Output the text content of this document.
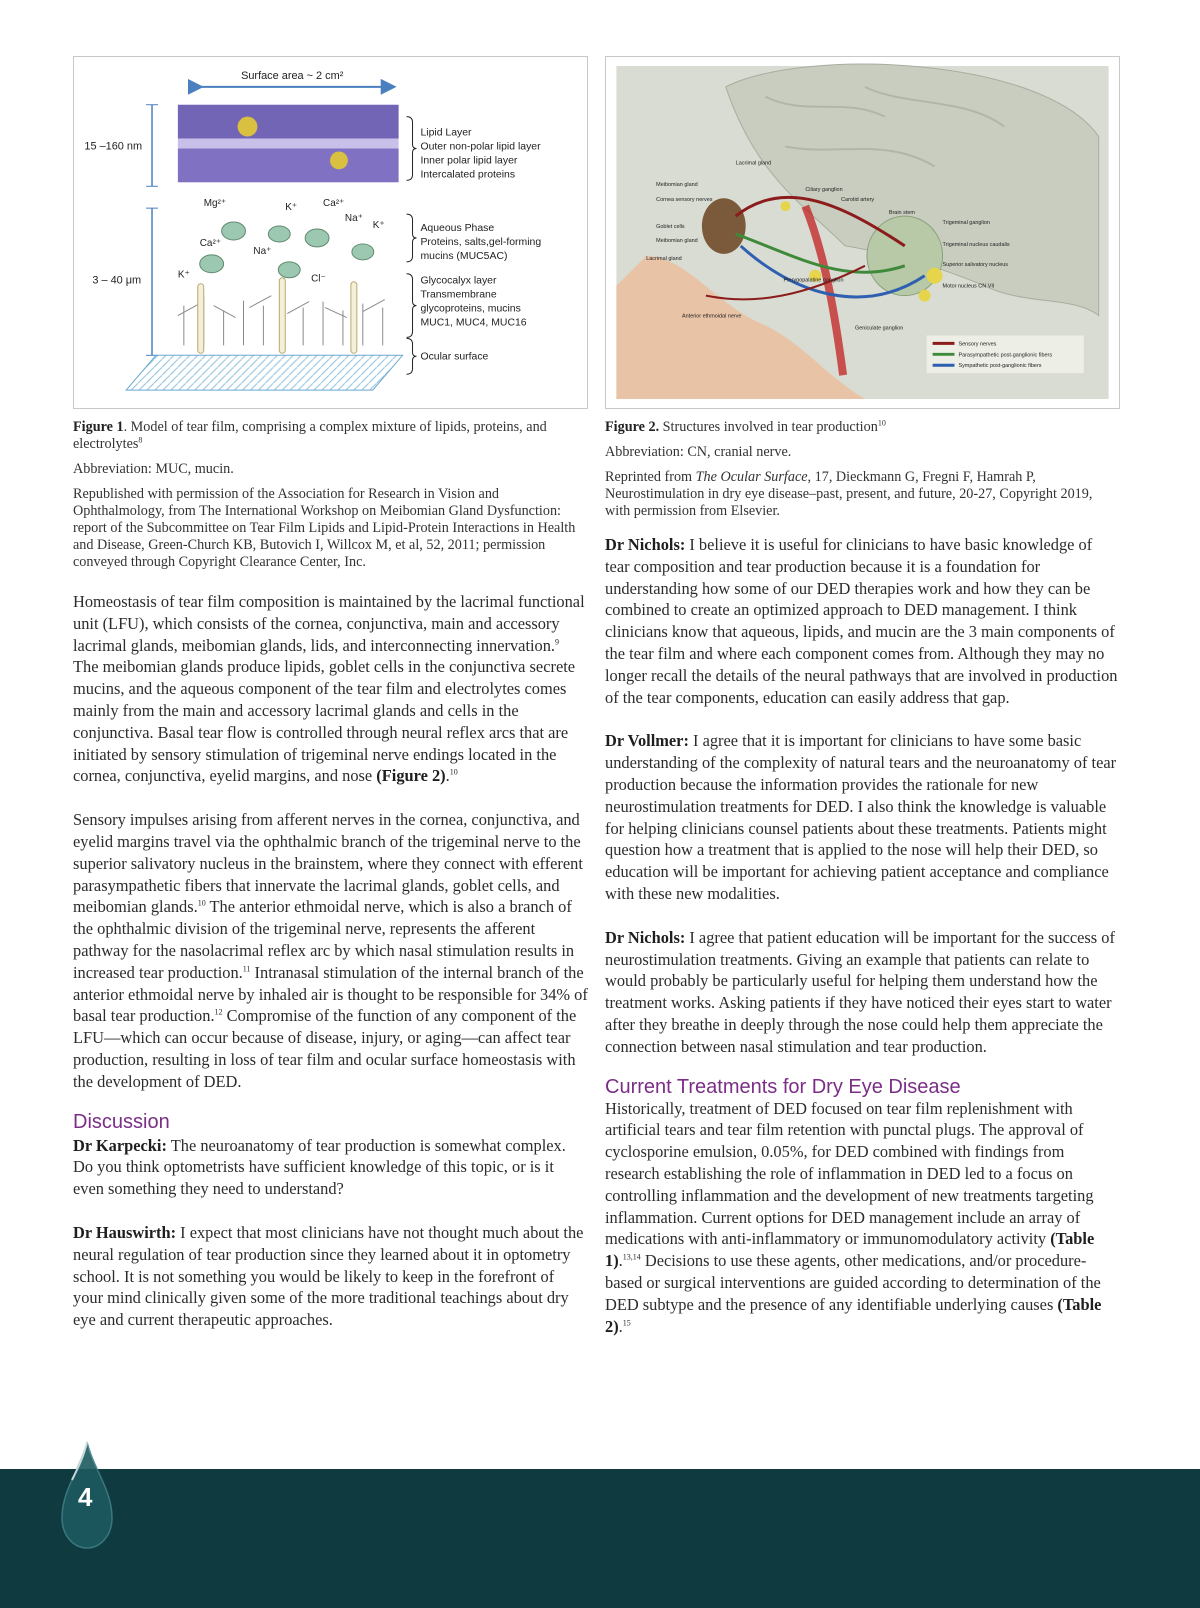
Surface area ~ 2 cm²
15 –160 nm
3 – 40 μm
Mg²⁺	K⁺	Ca²⁺
Na⁺
K⁺
Ca²⁺
Na⁺
K⁺	Cl⁻
Lipid Layer
Outer non-polar lipid layer
Inner polar lipid layer
Intercalated proteins
Aqueous Phase
Proteins, salts,gel-forming
mucins (MUC5AC)
Glycocalyx layer
Transmembrane
glycoproteins, mucins
MUC1, MUC4, MUC16
Ocular surface

Figure 1. Model of tear film, comprising a complex mixture of lipids, proteins, and electrolytes$^8$

Abbreviation: MUC, mucin.

Republished with permission of the Association for Research in Vision and Ophthalmology, from The International Workshop on Meibomian Gland Dysfunction: report of the Subcommittee on Tear Film Lipids and Lipid-Protein Interactions in Health and Disease, Green-Church KB, Butovich I, Willcox M, et al, 52, 2011; permission conveyed through Copyright Clearance Center, Inc.

Homeostasis of tear film composition is maintained by the lacrimal functional unit (LFU), which consists of the cornea, conjunctiva, main and accessory lacrimal glands, meibomian glands, lids, and interconnecting innervation.$^9$ The meibomian glands produce lipids, goblet cells in the conjunctiva secrete mucins, and the aqueous component of the tear film and electrolytes comes mainly from the main and accessory lacrimal glands and cells in the conjunctiva. Basal tear flow is controlled through neural reflex arcs that are initiated by sensory stimulation of trigeminal nerve endings located in the cornea, conjunctiva, eyelid margins, and nose (Figure 2).$^{10}$

Sensory impulses arising from afferent nerves in the cornea, conjunctiva, and eyelid margins travel via the ophthalmic branch of the trigeminal nerve to the superior salivatory nucleus in the brainstem, where they connect with efferent parasympathetic fibers that innervate the lacrimal glands, goblet cells, and meibomian glands.$^{10}$ The anterior ethmoidal nerve, which is also a branch of the ophthalmic division of the trigeminal nerve, represents the afferent pathway for the nasolacrimal reflex arc by which nasal stimulation results in increased tear production.$^{11}$ Intranasal stimulation of the internal branch of the anterior ethmoidal nerve by inhaled air is thought to be responsible for 34% of basal tear production.$^{12}$ Compromise of the function of any component of the LFU—which can occur because of disease, injury, or aging—can affect tear production, resulting in loss of tear film and ocular surface homeostasis with the development of DED.

Discussion

Dr Karpecki: The neuroanatomy of tear production is somewhat complex. Do you think optometrists have sufficient knowledge of this topic, or is it even something they need to understand?

Dr Hauswirth: I expect that most clinicians have not thought much about the neural regulation of tear production since they learned about it in optometry school. It is not something you would be likely to keep in the forefront of your mind clinically given some of the more traditional teachings about dry eye and current therapeutic approaches.

Lacrimal gland
Meibomian gland
Cornea sensory nerves
Goblet cells
Meibomian gland
Lacrimal gland
Ciliary ganglion
Carotid artery
Brain stem
Trigeminal ganglion
Trigeminal nucleus caudalis
Superior salivatory nucleus
Motor nucleus CN VII
Pterygopalatine ganglion
Geniculate ganglion
Anterior ethmoidal nerve
Sensory nerves
Parasympathetic post-ganglionic fibers
Sympathetic post-ganglionic fibers

Figure 2. Structures involved in tear production$^{10}$

Abbreviation: CN, cranial nerve.

Reprinted from The Ocular Surface, 17, Dieckmann G, Fregni F, Hamrah P, Neurostimulation in dry eye disease–past, present, and future, 20-27, Copyright 2019, with permission from Elsevier.

Dr Nichols: I believe it is useful for clinicians to have basic knowledge of tear composition and tear production because it is a foundation for understanding how some of our DED therapies work and how they can be combined to create an optimized approach to DED management. I think clinicians know that aqueous, lipids, and mucin are the 3 main components of the tear film and where each component comes from. Although they may no longer recall the details of the neural pathways that are involved in production of the tear components, education can easily address that gap.

Dr Vollmer: I agree that it is important for clinicians to have some basic understanding of the complexity of natural tears and the neuroanatomy of tear production because the information provides the rationale for new neurostimulation treatments for DED. I also think the knowledge is valuable for helping clinicians counsel patients about these treatments. Patients might question how a treatment that is applied to the nose will help their DED, so education will be important for achieving patient acceptance and compliance with these new modalities.

Dr Nichols: I agree that patient education will be important for the success of neurostimulation treatments. Giving an example that patients can relate to would probably be particularly useful for helping them understand how the treatment works. Asking patients if they have noticed their eyes start to water after they breathe in deeply through the nose could help them appreciate the connection between nasal stimulation and tear production.

Current Treatments for Dry Eye Disease

Historically, treatment of DED focused on tear film replenishment with artificial tears and tear film retention with punctal plugs. The approval of cyclosporine emulsion, 0.05%, for DED combined with findings from research establishing the role of inflammation in DED led to a focus on controlling inflammation and the development of new treatments targeting inflammation. Current options for DED management include an array of medications with anti-inflammatory or immunomodulatory activity (Table 1).$^{13,14}$ Decisions to use these agents, other medications, and/or procedure-based or surgical interventions are guided according to determination of the DED subtype and the presence of any identifiable underlying causes (Table 2).$^{15}$

4
